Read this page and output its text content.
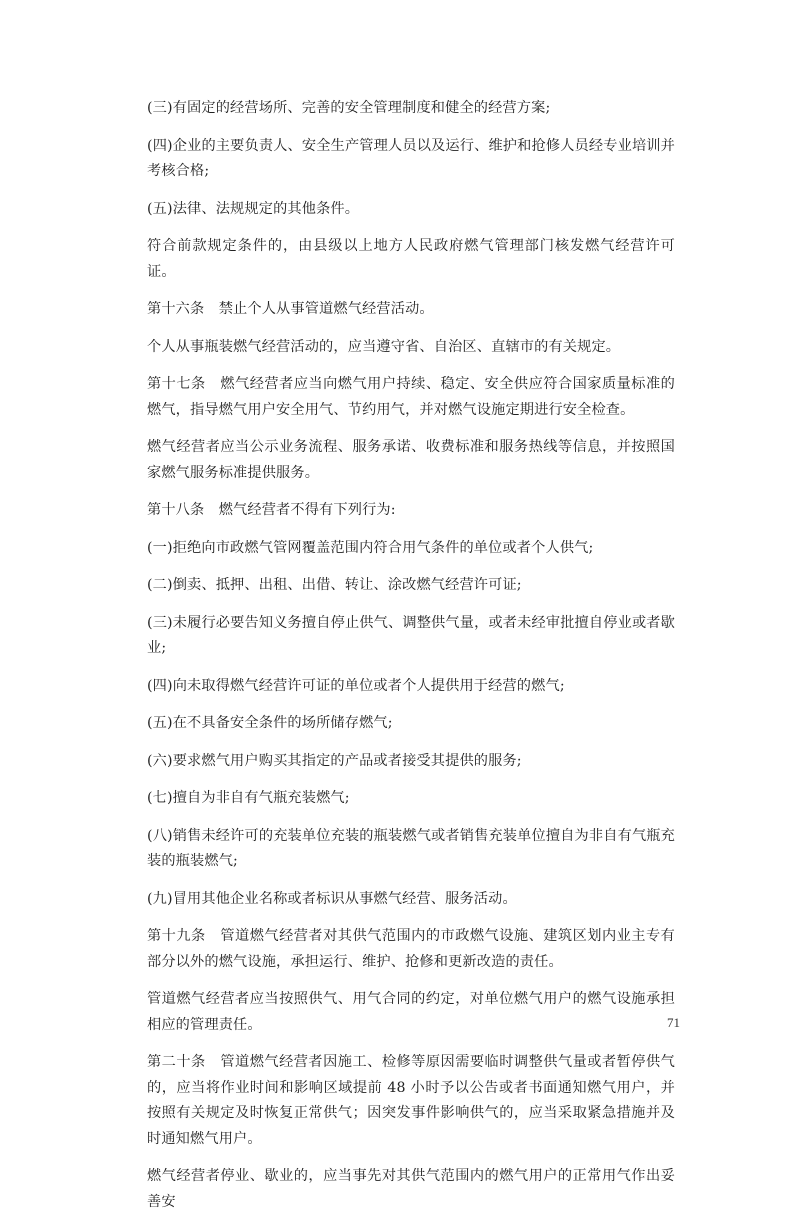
(三)有固定的经营场所、完善的安全管理制度和健全的经营方案;

(四)企业的主要负责人、安全生产管理人员以及运行、维护和抢修人员经专业培训并考核合格;

(五)法律、法规规定的其他条件。

符合前款规定条件的，由县级以上地方人民政府燃气管理部门核发燃气经营许可证。

第十六条　禁止个人从事管道燃气经营活动。

个人从事瓶装燃气经营活动的，应当遵守省、自治区、直辖市的有关规定。

第十七条　燃气经营者应当向燃气用户持续、稳定、安全供应符合国家质量标准的燃气，指导燃气用户安全用气、节约用气，并对燃气设施定期进行安全检查。

燃气经营者应当公示业务流程、服务承诺、收费标准和服务热线等信息，并按照国家燃气服务标准提供服务。

第十八条　燃气经营者不得有下列行为:

(一)拒绝向市政燃气管网覆盖范围内符合用气条件的单位或者个人供气;

(二)倒卖、抵押、出租、出借、转让、涂改燃气经营许可证;

(三)未履行必要告知义务擅自停止供气、调整供气量，或者未经审批擅自停业或者歇业;

(四)向未取得燃气经营许可证的单位或者个人提供用于经营的燃气;

(五)在不具备安全条件的场所储存燃气;

(六)要求燃气用户购买其指定的产品或者接受其提供的服务;

(七)擅自为非自有气瓶充装燃气;

(八)销售未经许可的充装单位充装的瓶装燃气或者销售充装单位擅自为非自有气瓶充装的瓶装燃气;

(九)冒用其他企业名称或者标识从事燃气经营、服务活动。

第十九条　管道燃气经营者对其供气范围内的市政燃气设施、建筑区划内业主专有部分以外的燃气设施，承担运行、维护、抢修和更新改造的责任。

管道燃气经营者应当按照供气、用气合同的约定，对单位燃气用户的燃气设施承担相应的管理责任。

第二十条　管道燃气经营者因施工、检修等原因需要临时调整供气量或者暂停供气的，应当将作业时间和影响区域提前 48 小时予以公告或者书面通知燃气用户，并按照有关规定及时恢复正常供气；因突发事件影响供气的，应当采取紧急措施并及时通知燃气用户。

燃气经营者停业、歇业的，应当事先对其供气范围内的燃气用户的正常用气作出妥善安

71
